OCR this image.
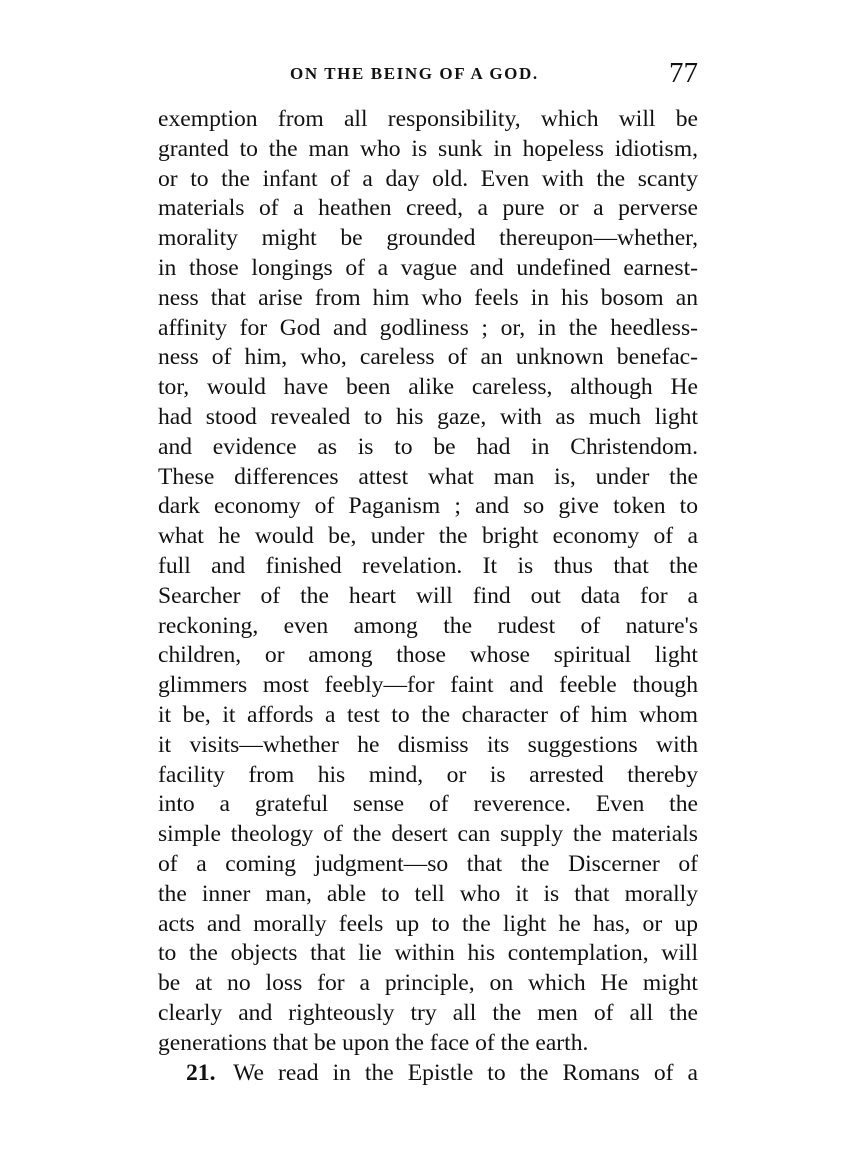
ON THE BEING OF A GOD.	77
exemption from all responsibility, which will be
granted to the man who is sunk in hopeless idiotism,
or to the infant of a day old. Even with the scanty
materials of a heathen creed, a pure or a perverse
morality might be grounded thereupon—whether,
in those longings of a vague and undefined earnest-
ness that arise from him who feels in his bosom an
affinity for God and godliness ; or, in the heedless-
ness of him, who, careless of an unknown benefac-
tor, would have been alike careless, although He
had stood revealed to his gaze, with as much light
and evidence as is to be had in Christendom.
These differences attest what man is, under the
dark economy of Paganism ; and so give token to
what he would be, under the bright economy of a
full and finished revelation. It is thus that the
Searcher of the heart will find out data for a
reckoning, even among the rudest of nature's
children, or among those whose spiritual light
glimmers most feebly—for faint and feeble though
it be, it affords a test to the character of him whom
it visits—whether he dismiss its suggestions with
facility from his mind, or is arrested thereby
into a grateful sense of reverence. Even the
simple theology of the desert can supply the materials
of a coming judgment—so that the Discerner of
the inner man, able to tell who it is that morally
acts and morally feels up to the light he has, or up
to the objects that lie within his contemplation, will
be at no loss for a principle, on which He might
clearly and righteously try all the men of all the
generations that be upon the face of the earth.
21. We read in the Epistle to the Romans of a
